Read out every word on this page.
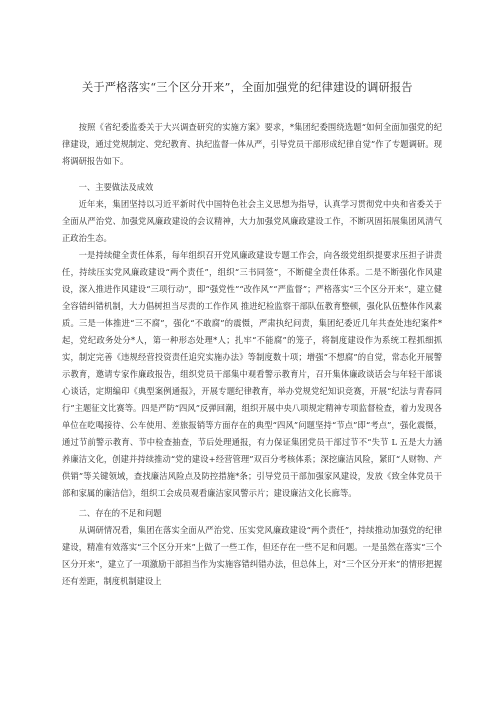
关于严格落实“三个区分开来”，全面加强党的纪律建设的调研报告

按照《省纪委监委关于大兴调查研究的实施方案》要求，*集团纪委围绕选题“如何全面加强党的纪律建设，通过党规制定、党纪教育、执纪监督一体从严，引导党员干部形成纪律自觉”作了专题调研。现将调研报告如下。

一、主要做法及成效

近年来，集团坚持以习近平新时代中国特色社会主义思想为指导，认真学习贯彻党中央和省委关于全面从严治党、加强党风廉政建设的会议精神，大力加强党风廉政建设工作，不断巩固拓展集团风清气正政治生态。

一是持续健全责任体系，每年组织召开党风廉政建设专题工作会，向各级党组织提要求压担子讲责任，持续压实党风廉政建设“两个责任”，组织“三书同签”，不断健全责任体系。二是不断强化作风建设，深入推进作风建设“三项行动”，即“强党性”“改作风”“严监督”；严格落实“三个区分开来”，建立健全容错纠错机制，大力倡树担当尽责的工作作风 推进纪检监察干部队伍教育整顿，强化队伍整体作风素质。三是一体推进“三不腐”，强化“不敢腐”的震慑，严肃执纪问责，集团纪委近几年共查处违纪案件*起，党纪政务处分*人，第一种形态处理*人；扎牢“不能腐”的笼子，将制度建设作为系统工程抓细抓实，制定完善《违规经营投资责任追究实施办法》等制度数十项；增强“不想腐”的自觉，常态化开展警示教育，邀请专家作廉政报告，组织党员干部集中观看警示教育片，召开集体廉政谈话会与年轻干部谈心谈话，定期编印《典型案例通报》，开展专题纪律教育，举办党规党纪知识竞赛，开展“纪法与青春同行”主题征文比赛等。四是严防“四风”反弹回潮，组织开展中央八项规定精神专项监督检查，着力发现各单位在吃喝接待、公车使用、差旅报销等方面存在的典型“四风”问题坚持“节点”即“考点”，强化震慑，通过节前警示教育、节中检查抽查，节后处理通报，有力保证集团党员干部过节不“失节 L 五是大力涵养廉洁文化，创建并持续推动“党的建设+经营管理”双百分考核体系；深挖廉洁风险，紧盯“人财物、产供销”等关键领域，查找廉洁风险点及防控措施*条；引导党员干部加强家风建设，发放《致全体党员干部和家属的廉洁信》，组织工会成员观看廉洁家风警示片；建设廉洁文化长廊等。

二、存在的不足和问题

从调研情况看，集团在落实全面从严治党、压实党风廉政建设“两个责任”，持续推动加强党的纪律建设，精准有效落实“三个区分开来”上做了一些工作，但还存在一些不足和问题。一是虽然在落实“三个区分开来”，建立了一项激励干部担当作为实施容错纠错办法，但总体上，对“三个区分开来”的情形把握还有差距，制度机制建设上
